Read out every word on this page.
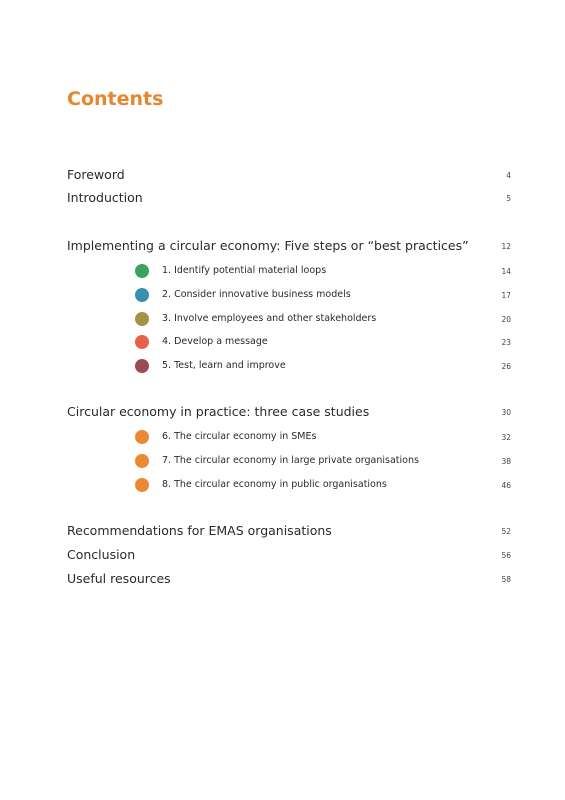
Contents
Foreword	4
Introduction	5
Implementing a circular economy: Five steps or “best practices”	12
1. Identify potential material loops	14
2. Consider innovative business models	17
3. Involve employees and other stakeholders	20
4. Develop a message	23
5. Test, learn and improve	26
Circular economy in practice: three case studies	30
6. The circular economy in SMEs	32
7. The circular economy in large private organisations	38
8. The circular economy in public organisations	46
Recommendations for EMAS organisations	52
Conclusion	56
Useful resources	58
